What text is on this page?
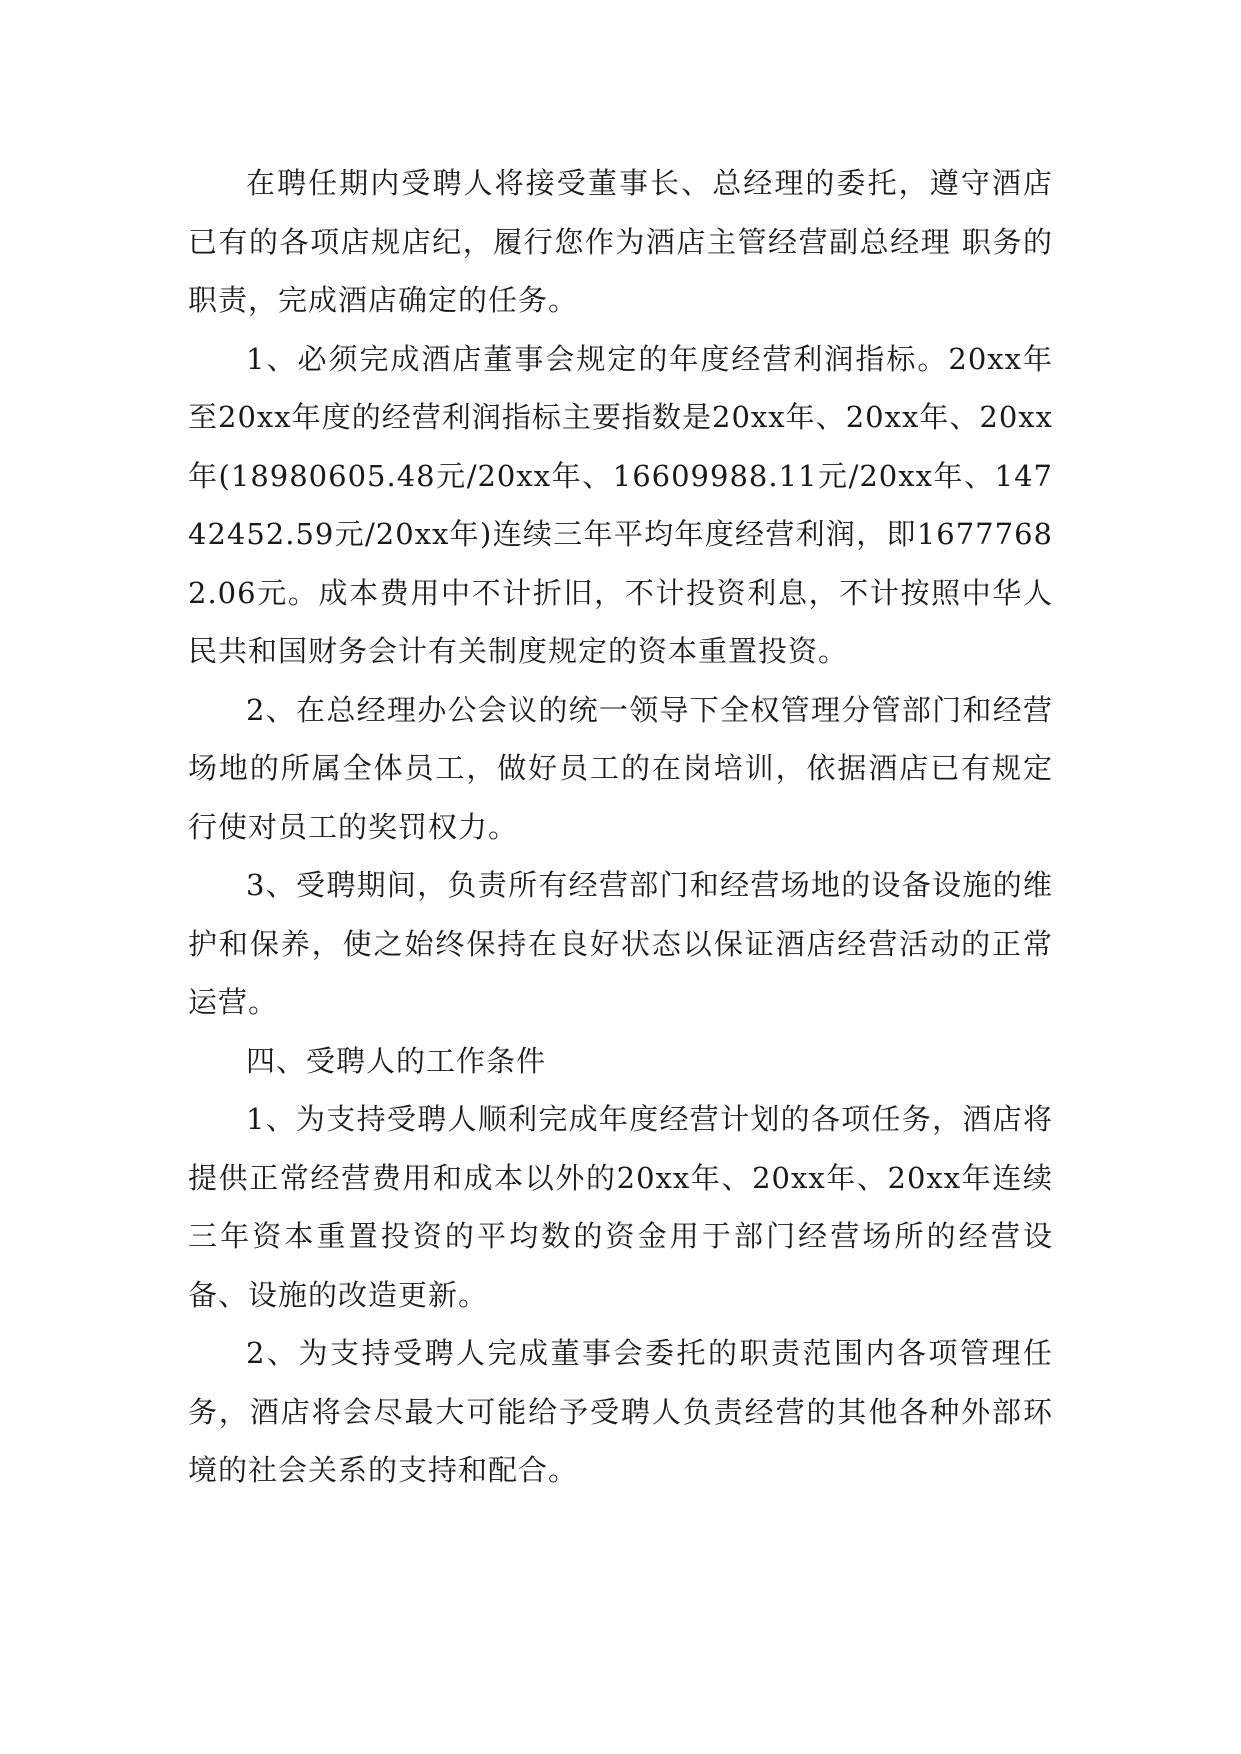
在聘任期内受聘人将接受董事长、总经理的委托，遵守酒店已有的各项店规店纪，履行您作为酒店主管经营副总经理 职务的职责，完成酒店确定的任务。

1、必须完成酒店董事会规定的年度经营利润指标。20xx年至20xx年度的经营利润指标主要指数是20xx年、20xx年、20xx年(18980605.48元/20xx年、16609988.11元/20xx年、14742452.59元/20xx年)连续三年平均年度经营利润，即16777682.06元。成本费用中不计折旧，不计投资利息，不计按照中华人民共和国财务会计有关制度规定的资本重置投资。

2、在总经理办公会议的统一领导下全权管理分管部门和经营场地的所属全体员工，做好员工的在岗培训，依据酒店已有规定行使对员工的奖罚权力。

3、受聘期间，负责所有经营部门和经营场地的设备设施的维护和保养，使之始终保持在良好状态以保证酒店经营活动的正常运营。

四、受聘人的工作条件

1、为支持受聘人顺利完成年度经营计划的各项任务，酒店将提供正常经营费用和成本以外的20xx年、20xx年、20xx年连续三年资本重置投资的平均数的资金用于部门经营场所的经营设备、设施的改造更新。

2、为支持受聘人完成董事会委托的职责范围内各项管理任务，酒店将会尽最大可能给予受聘人负责经营的其他各种外部环境的社会关系的支持和配合。
